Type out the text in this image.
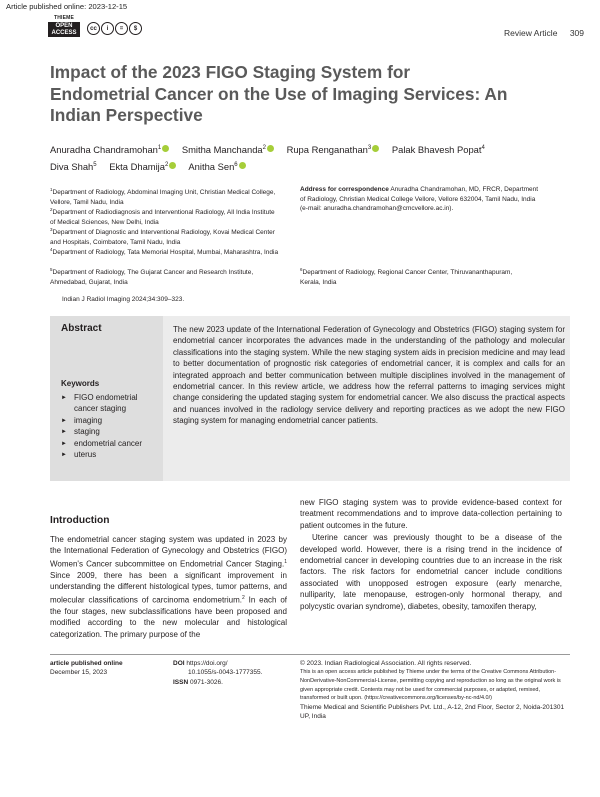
Article published online: 2023-12-15
THIEME
OPEN
ACCESS
cc	i	=	$	Review Article 309
Impact of the 2023 FIGO Staging System for Endometrial Cancer on the Use of Imaging Services: An Indian Perspective
Anuradha Chandramohan$^1$ Smitha Manchanda$^2$ Rupa Renganathan$^3$ Palak Bhavesh Popat$^4$
Diva Shah$^5$ Ekta Dhamija$^2$ Anitha Sen$^6$
$^1$Department of Radiology, Abdominal Imaging Unit, Christian Medical College, Vellore, Tamil Nadu, India
$^2$Department of Radiodiagnosis and Interventional Radiology, All India Institute of Medical Sciences, New Delhi, India
$^3$Department of Diagnostic and Interventional Radiology, Kovai Medical Center and Hospitals, Coimbatore, Tamil Nadu, India
$^4$Department of Radiology, Tata Memorial Hospital, Mumbai, Maharashtra, India
$^5$Department of Radiology, The Gujarat Cancer and Research Institute, Ahmedabad, Gujarat, India
$^6$Department of Radiology, Regional Cancer Center, Thiruvananthapuram, Kerala, India
Address for correspondence Anuradha Chandramohan, MD, FRCR, Department of Radiology, Christian Medical College Vellore, Vellore 632004, Tamil Nadu, India (e-mail: anuradha.chandramohan@cmcvellore.ac.in).
Indian J Radiol Imaging 2024;34:309–323.
Abstract
Keywords
► FIGO endometrial cancer staging
► imaging
► staging
► endometrial cancer
► uterus
The new 2023 update of the International Federation of Gynecology and Obstetrics (FIGO) staging system for endometrial cancer incorporates the advances made in the understanding of the pathology and molecular classifications into the staging system. While the new staging system aids in precision medicine and may lead to better documentation of prognostic risk categories of endometrial cancer, it is complex and calls for an integrated approach and better communication between multiple disciplines involved in the management of endometrial cancer. In this review article, we address how the referral patterns to imaging services might change considering the updated staging system for endometrial cancer. We also discuss the practical aspects and nuances involved in the radiology service delivery and reporting practices as we adopt the new FIGO staging system for managing endometrial cancer patients.
Introduction

The endometrial cancer staging system was updated in 2023 by the International Federation of Gynecology and Obstetrics (FIGO) Women's Cancer subcommittee on Endometrial Cancer Staging.$^1$ Since 2009, there has been a significant improvement in understanding the different histological types, tumor patterns, and molecular classifications of carcinoma endometrium.$^2$ In each of the four stages, new subclassifications have been proposed and modified according to the new molecular and histological categorization. The primary purpose of the

new FIGO staging system was to provide evidence-based context for treatment recommendations and to improve data-collection pertaining to patient outcomes in the future.

Uterine cancer was previously thought to be a disease of the developed world. However, there is a rising trend in the incidence of endometrial cancer in developing countries due to an increase in the risk factors. The risk factors for endometrial cancer include conditions associated with unopposed estrogen exposure (early menarche, nulliparity, late menopause, estrogen-only hormonal therapy, and polycystic ovarian syndrome), diabetes, obesity, tamoxifen therapy,

article published online
December 15, 2023
DOI https://doi.org/
10.1055/s-0043-1777355.
ISSN 0971-3026.
© 2023. Indian Radiological Association. All rights reserved.
This is an open access article published by Thieme under the terms of the Creative Commons Attribution-NonDerivative-NonCommercial-License, permitting copying and reproduction so long as the original work is given appropriate credit. Contents may not be used for commercial purposes, or adapted, remixed, transformed or built upon. (https://creativecommons.org/licenses/by-nc-nd/4.0/)
Thieme Medical and Scientific Publishers Pvt. Ltd., A-12, 2nd Floor, Sector 2, Noida-201301 UP, India
